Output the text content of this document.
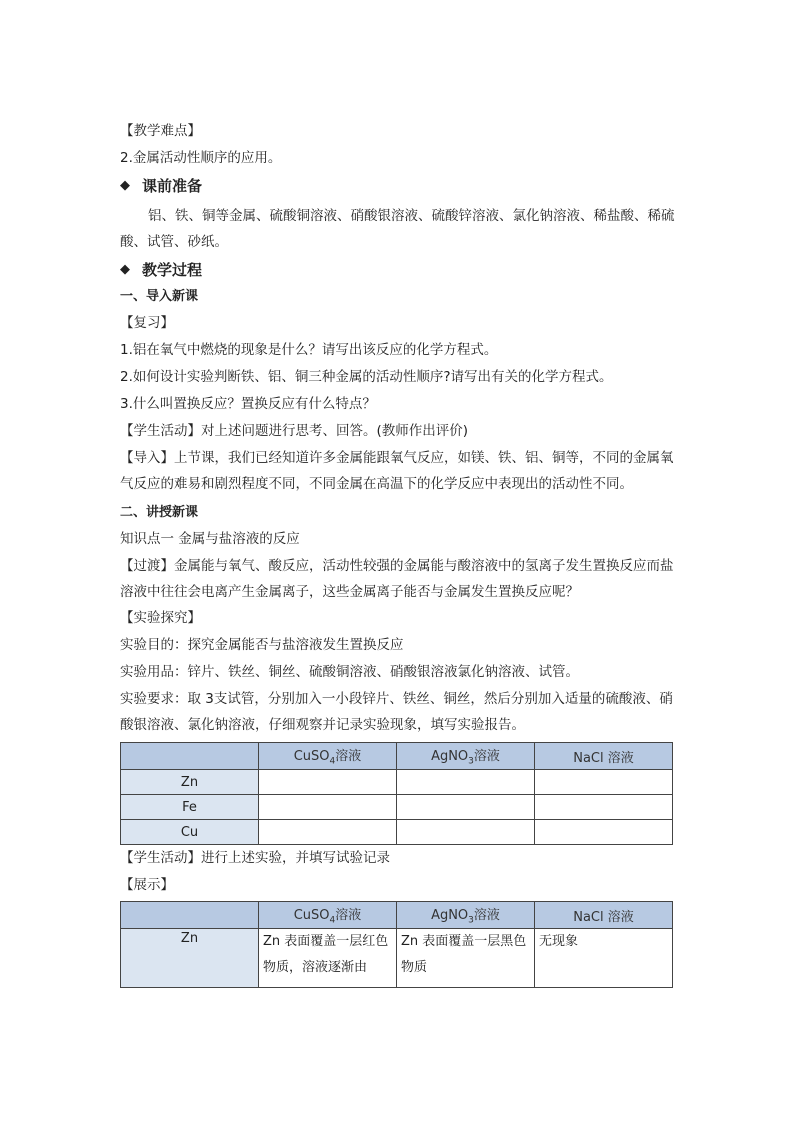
【教学难点】
2.金属活动性顺序的应用。
◆ 课前准备
铝、铁、铜等金属、硫酸铜溶液、硝酸银溶液、硫酸锌溶液、氯化钠溶液、稀盐酸、稀硫酸、试管、砂纸。
◆ 教学过程
一、导入新课
【复习】
1.铝在氧气中燃烧的现象是什么？请写出该反应的化学方程式。
2.如何设计实验判断铁、铝、铜三种金属的活动性顺序?请写出有关的化学方程式。
3.什么叫置换反应？置换反应有什么特点？
【学生活动】对上述问题进行思考、回答。(教师作出评价)
【导入】上节课，我们已经知道许多金属能跟氧气反应，如镁、铁、铝、铜等，不同的金属氧气反应的难易和剧烈程度不同，不同金属在高温下的化学反应中表现出的活动性不同。
二、讲授新课
知识点一 金属与盐溶液的反应
【过渡】金属能与氧气、酸反应，活动性较强的金属能与酸溶液中的氢离子发生置换反应而盐溶液中往往会电离产生金属离子，这些金属离子能否与金属发生置换反应呢？
【实验探究】
实验目的：探究金属能否与盐溶液发生置换反应
实验用品：锌片、铁丝、铜丝、硫酸铜溶液、硝酸银溶液氯化钠溶液、试管。
实验要求：取 3支试管，分别加入一小段锌片、铁丝、铜丝，然后分别加入适量的硫酸液、硝酸银溶液、氯化钠溶液，仔细观察并记录实验现象，填写实验报告。
	CuSO$_4$溶液	AgNO$_3$溶液	NaCl 溶液
Zn			
Fe			
Cu			
【学生活动】进行上述实验，并填写试验记录
【展示】
	CuSO$_4$溶液	AgNO$_3$溶液	NaCl 溶液
Zn	Zn 表面覆盖一层红色物质，溶液逐渐由	Zn 表面覆盖一层黑色物质	无现象
